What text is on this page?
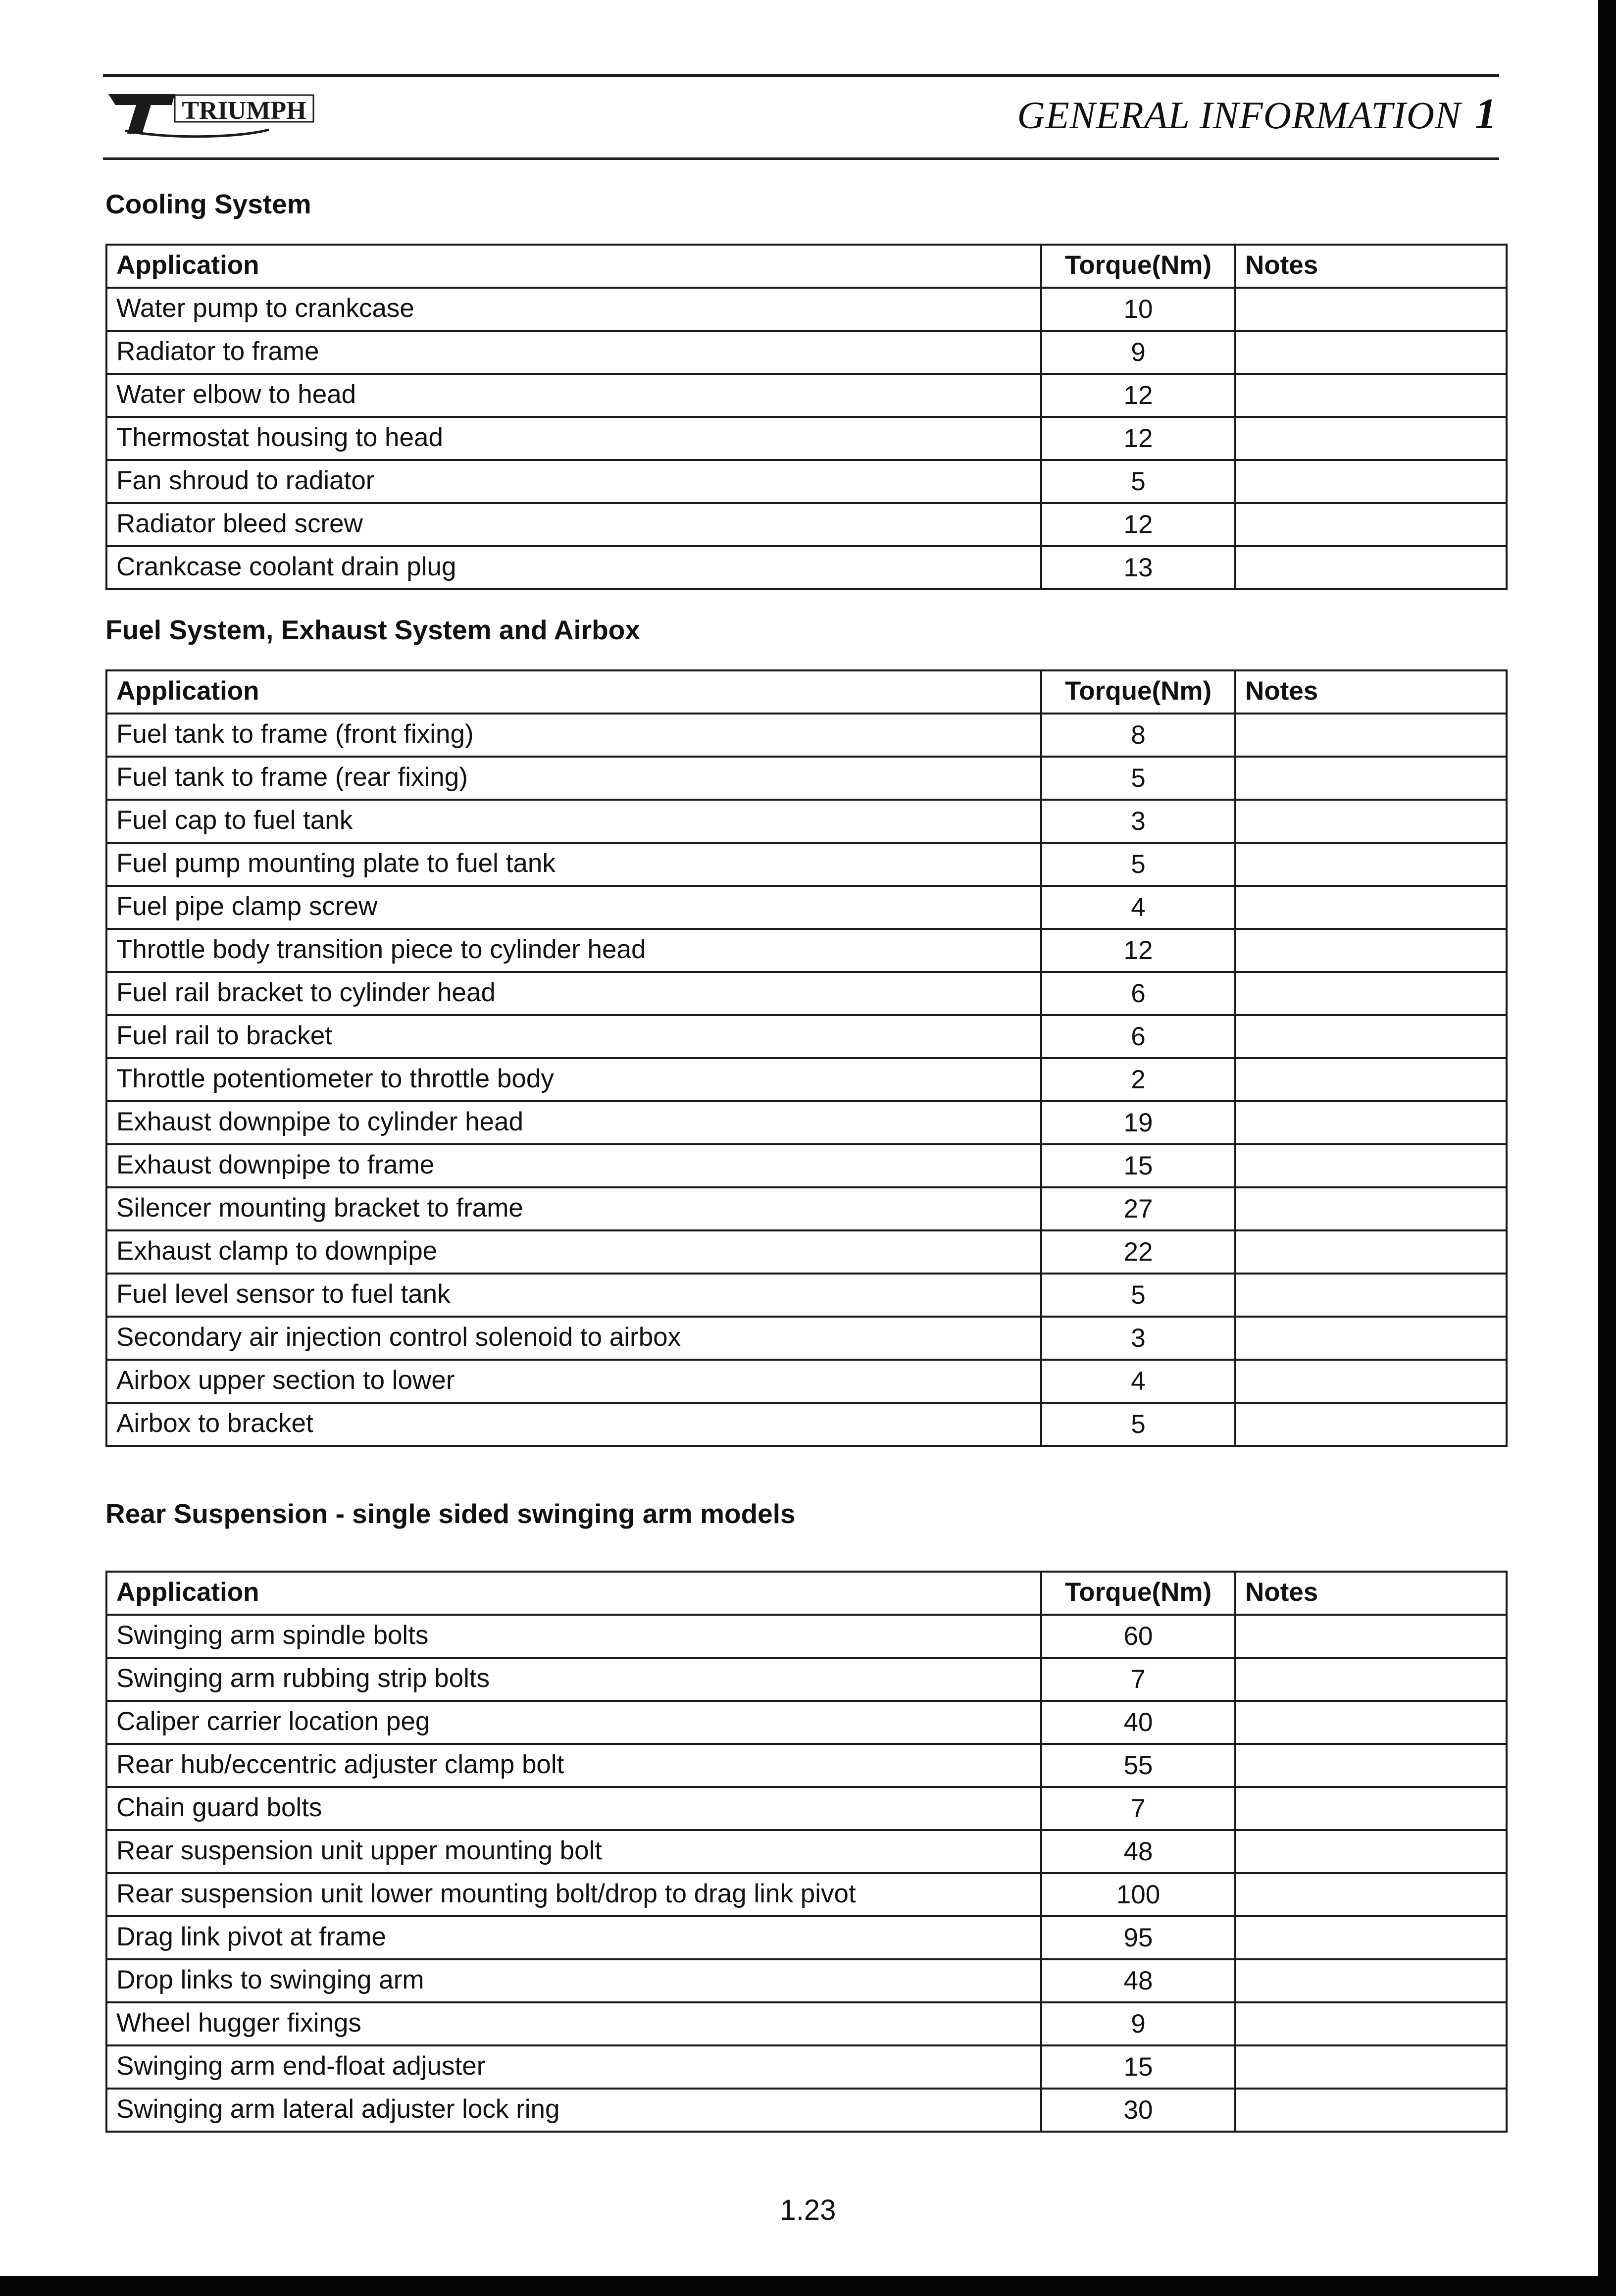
TRIUMPH	GENERAL INFORMATION 1
Cooling System
Application	Torque(Nm)	Notes
Water pump to crankcase	10	
Radiator to frame	9	
Water elbow to head	12	
Thermostat housing to head	12	
Fan shroud to radiator	5	
Radiator bleed screw	12	
Crankcase coolant drain plug	13	
Fuel System, Exhaust System and Airbox
Application	Torque(Nm)	Notes
Fuel tank to frame (front fixing)	8	
Fuel tank to frame (rear fixing)	5	
Fuel cap to fuel tank	3	
Fuel pump mounting plate to fuel tank	5	
Fuel pipe clamp screw	4	
Throttle body transition piece to cylinder head	12	
Fuel rail bracket to cylinder head	6	
Fuel rail to bracket	6	
Throttle potentiometer to throttle body	2	
Exhaust downpipe to cylinder head	19	
Exhaust downpipe to frame	15	
Silencer mounting bracket to frame	27	
Exhaust clamp to downpipe	22	
Fuel level sensor to fuel tank	5	
Secondary air injection control solenoid to airbox	3	
Airbox upper section to lower	4	
Airbox to bracket	5	
Rear Suspension - single sided swinging arm models
Application	Torque(Nm)	Notes
Swinging arm spindle bolts	60	
Swinging arm rubbing strip bolts	7	
Caliper carrier location peg	40	
Rear hub/eccentric adjuster clamp bolt	55	
Chain guard bolts	7	
Rear suspension unit upper mounting bolt	48	
Rear suspension unit lower mounting bolt/drop to drag link pivot	100	
Drag link pivot at frame	95	
Drop links to swinging arm	48	
Wheel hugger fixings	9	
Swinging arm end-float adjuster	15	
Swinging arm lateral adjuster lock ring	30	
1.23
